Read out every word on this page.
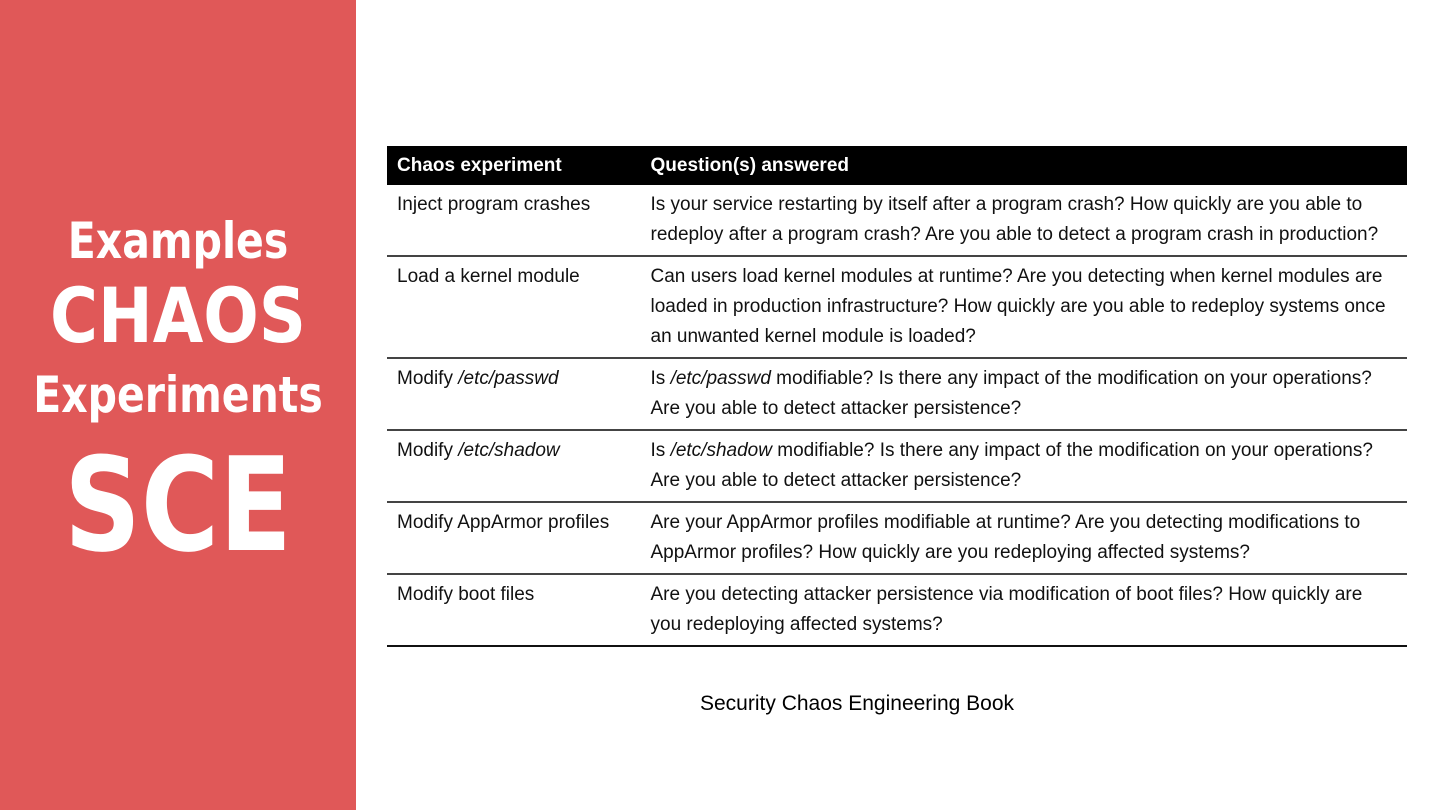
Examples
CHAOS
Experiments
SCE
Chaos experiment	Question(s) answered
Inject program crashes	Is your service restarting by itself after a program crash? How quickly are you able to redeploy after a program crash? Are you able to detect a program crash in production?
Load a kernel module	Can users load kernel modules at runtime? Are you detecting when kernel modules are loaded in production infrastructure? How quickly are you able to redeploy systems once an unwanted kernel module is loaded?
Modify /etc/passwd	Is /etc/passwd modifiable? Is there any impact of the modification on your operations? Are you able to detect attacker persistence?
Modify /etc/shadow	Is /etc/shadow modifiable? Is there any impact of the modification on your operations? Are you able to detect attacker persistence?
Modify AppArmor profiles	Are your AppArmor profiles modifiable at runtime? Are you detecting modifications to AppArmor profiles? How quickly are you redeploying affected systems?
Modify boot files	Are you detecting attacker persistence via modification of boot files? How quickly are you redeploying affected systems?
Security Chaos Engineering Book
